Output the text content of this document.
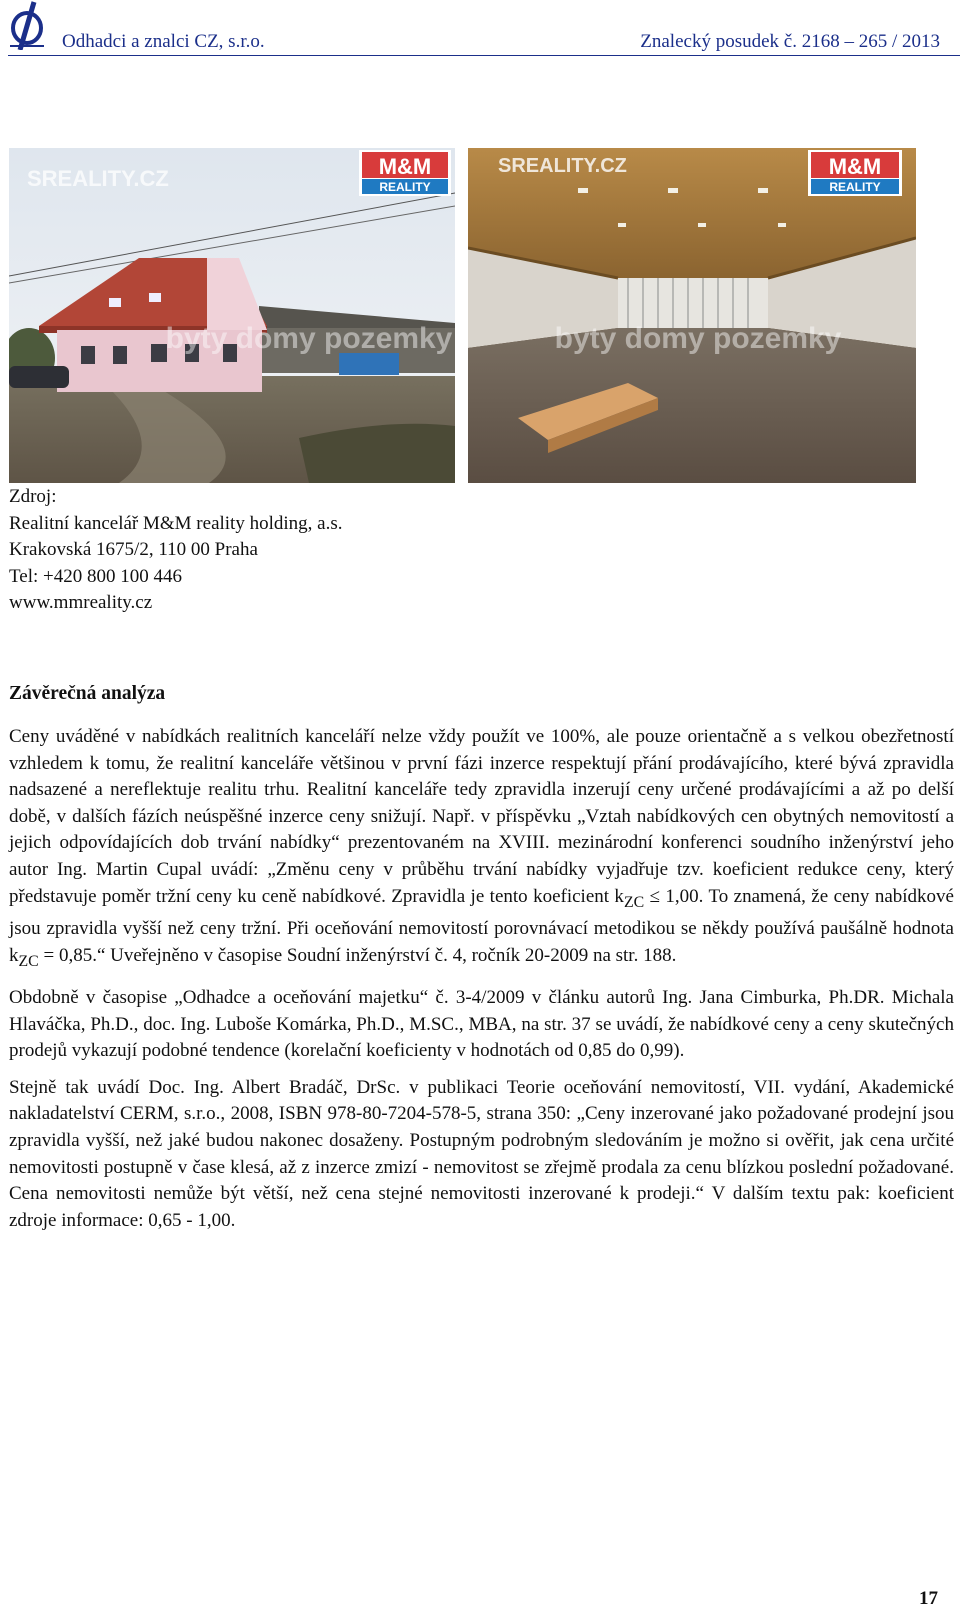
Odhadci a znalci CZ, s.r.o.	Znalecký posudek č. 2168 – 265 / 2013
SREALITY.CZ	M&M
REALITY
byty domy pozemky
SREALITY.CZ	M&M
REALITY
byty domy pozemky
Zdroj:
Realitní kancelář M&M reality holding, a.s.
Krakovská 1675/2, 110 00 Praha
Tel: +420 800 100 446
www.mmreality.cz
Závěrečná analýza

Ceny uváděné v nabídkách realitních kanceláří nelze vždy použít ve 100%, ale pouze orientačně a s velkou obezřetností vzhledem k tomu, že realitní kanceláře většinou v první fázi inzerce respektují přání prodávajícího, které bývá zpravidla nadsazené a nereflektuje realitu trhu. Realitní kanceláře tedy zpravidla inzerují ceny určené prodávajícími a až po delší době, v dalších fázích neúspěšné inzerce ceny snižují. Např. v příspěvku „Vztah nabídkových cen obytných nemovitostí a jejich odpovídajících dob trvání nabídky“ prezentovaném na XVIII. mezinárodní konferenci soudního inženýrství jeho autor Ing. Martin Cupal uvádí: „Změnu ceny v průběhu trvání nabídky vyjadřuje tzv. koeficient redukce ceny, který představuje poměr tržní ceny ku ceně nabídkové. Zpravidla je tento koeficient $k_{ZC} \le 1,00$. To znamená, že ceny nabídkové jsou zpravidla vyšší než ceny tržní. Při oceňování nemovitostí porovnávací metodikou se někdy používá paušálně hodnota $k_{ZC}$ = 0,85.“ Uveřejněno v časopise Soudní inženýrství č. 4, ročník 20-2009 na str. 188.

Obdobně v časopise „Odhadce a oceňování majetku“ č. 3-4/2009 v článku autorů Ing. Jana Cimburka, Ph.DR. Michala Hlaváčka, Ph.D., doc. Ing. Luboše Komárka, Ph.D., M.SC., MBA, na str. 37 se uvádí, že nabídkové ceny a ceny skutečných prodejů vykazují podobné tendence (korelační koeficienty v hodnotách od 0,85 do 0,99).

Stejně tak uvádí Doc. Ing. Albert Bradáč, DrSc. v publikaci Teorie oceňování nemovitostí, VII. vydání, Akademické nakladatelství CERM, s.r.o., 2008, ISBN 978-80-7204-578-5, strana 350: „Ceny inzerované jako požadované prodejní jsou zpravidla vyšší, než jaké budou nakonec dosaženy. Postupným podrobným sledováním je možno si ověřit, jak cena určité nemovitosti postupně v čase klesá, až z inzerce zmizí - nemovitost se zřejmě prodala za cenu blízkou poslední požadované. Cena nemovitosti nemůže být větší, než cena stejné nemovitosti inzerované k prodeji.“ V dalším textu pak: koeficient zdroje informace: 0,65 - 1,00.

17
